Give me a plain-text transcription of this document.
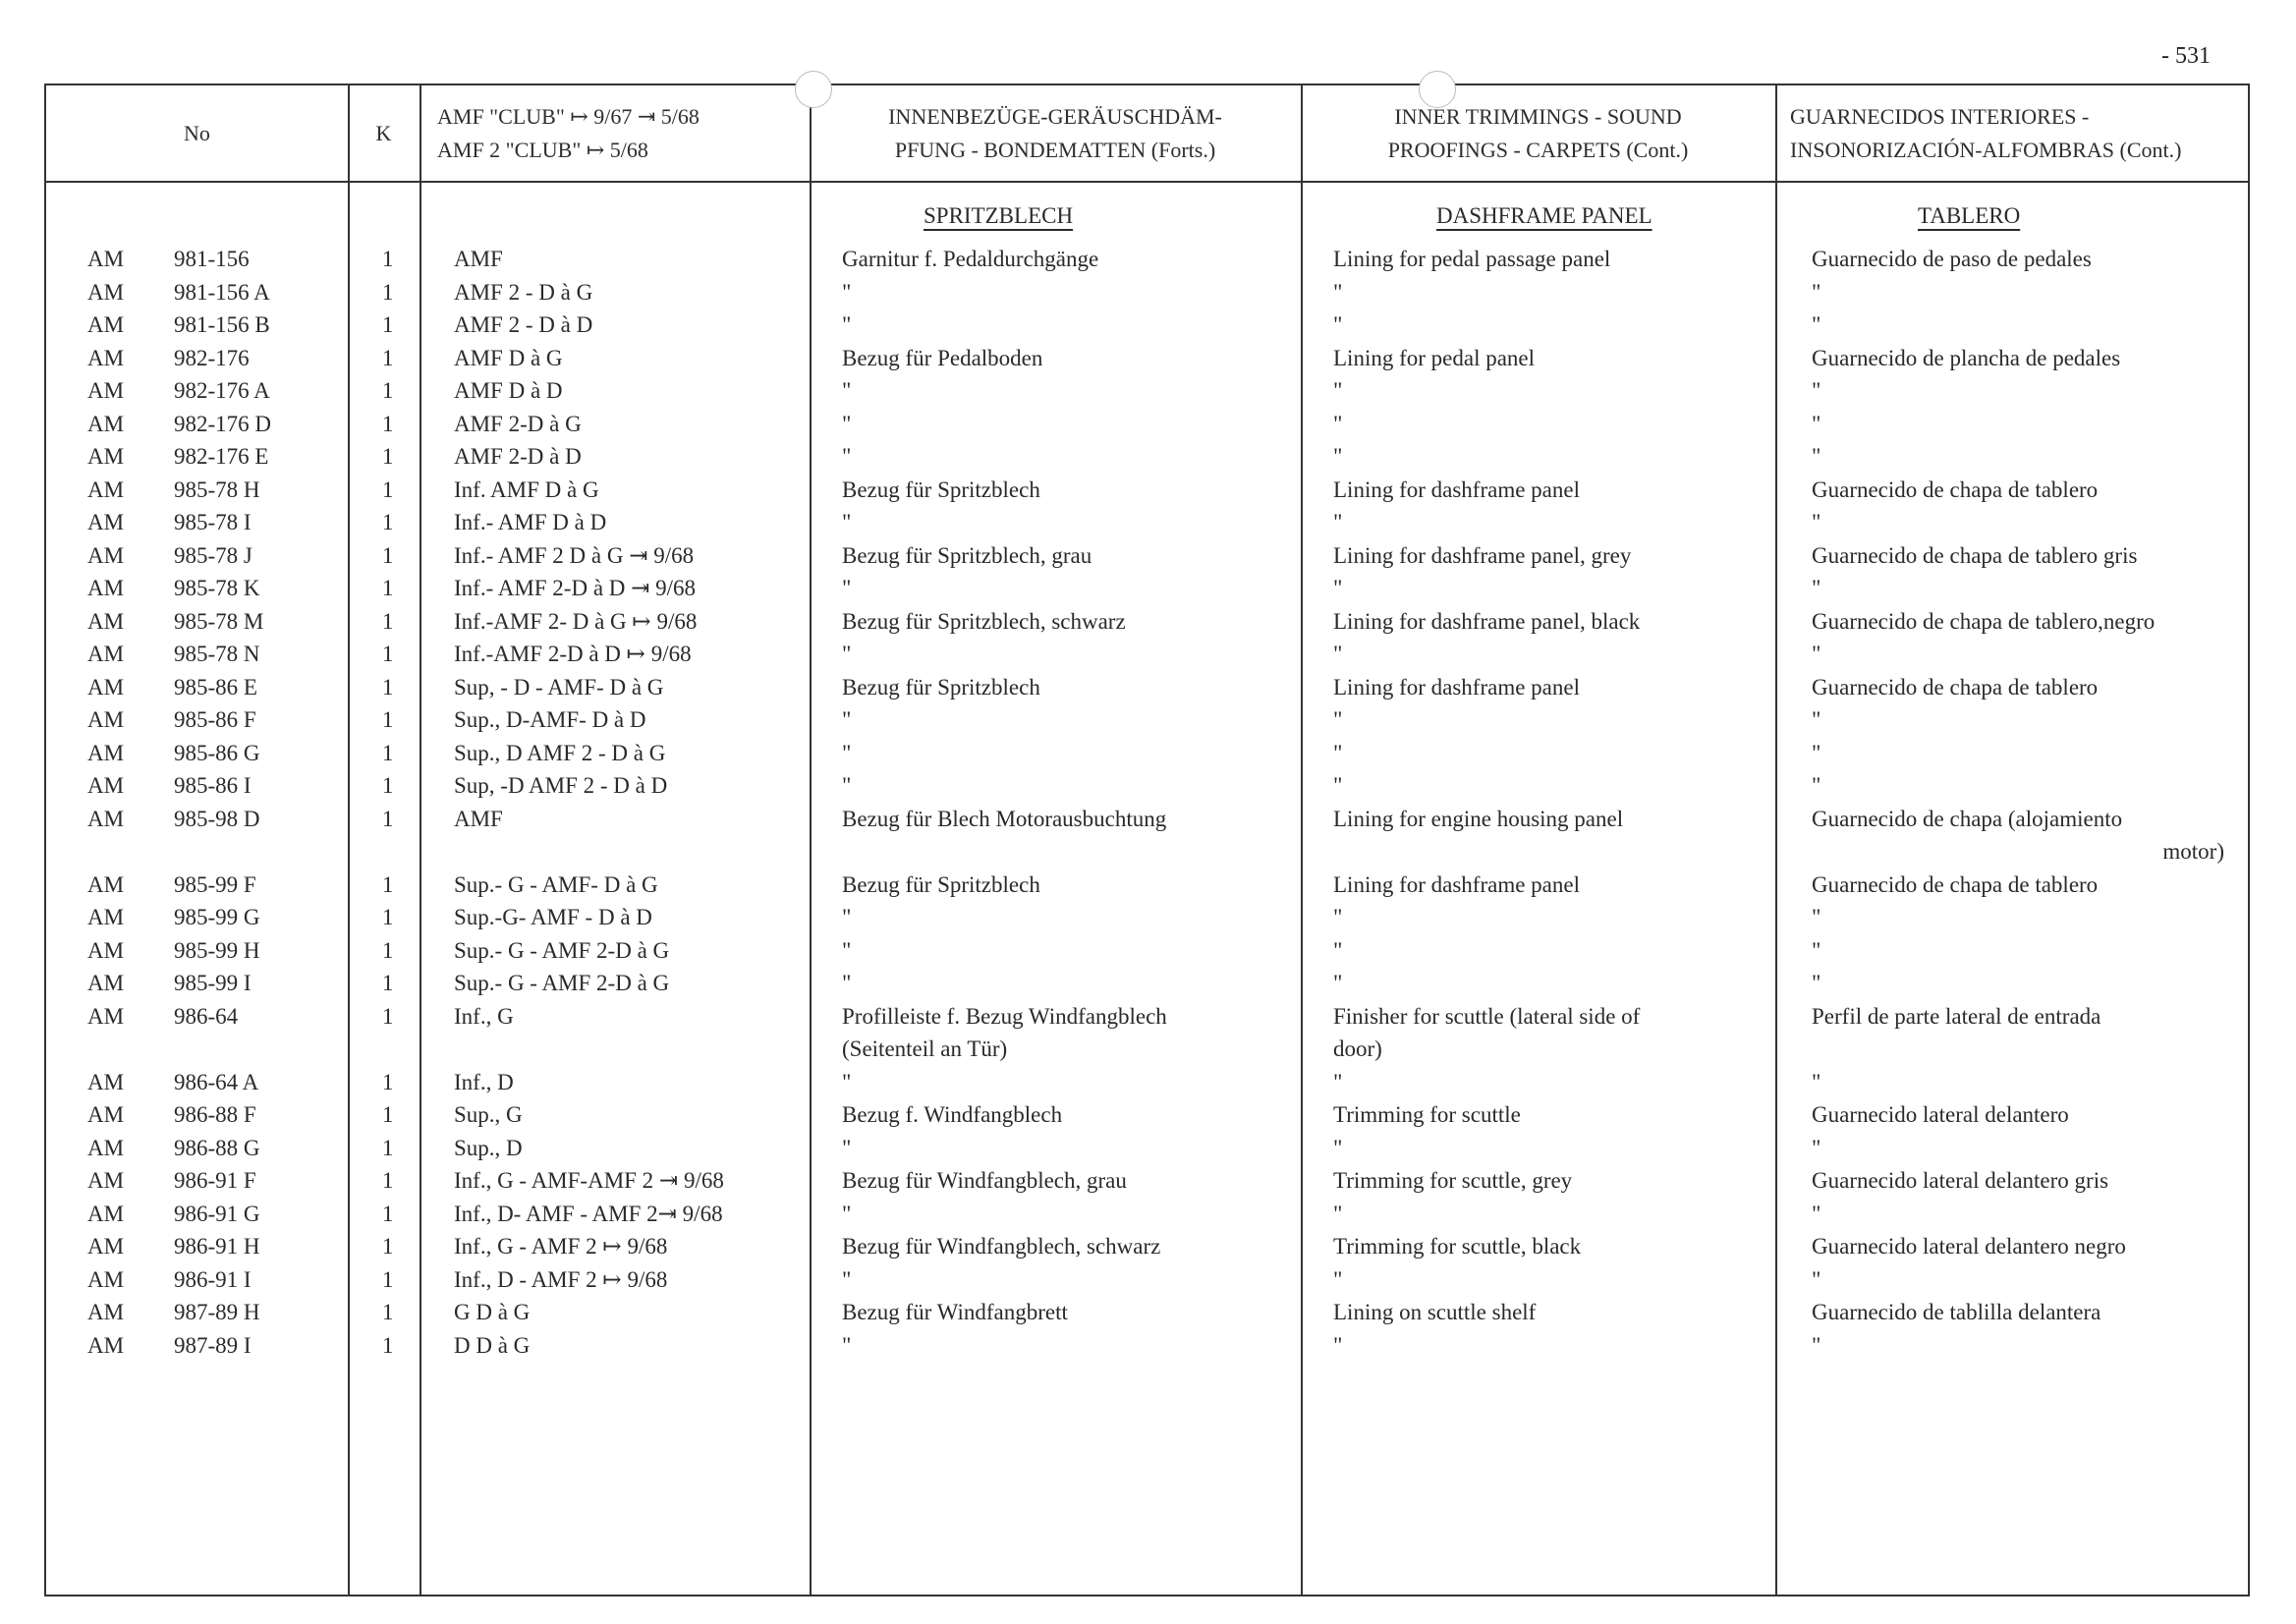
- 531
No	K
AMF "CLUB" ↦ 9/67 ⇥ 5/68
AMF 2 "CLUB" ↦ 5/68
INNENBEZÜGE-GERÄUSCHDÄM-
PFUNG - BONDEMATTEN (Forts.)
INNER TRIMMINGS - SOUND
PROOFINGS - CARPETS (Cont.)
GUARNECIDOS INTERIORES -
INSONORIZACIÓN-ALFOMBRAS (Cont.)
SPRITZBLECH	DASHFRAME PANEL	TABLERO
AM 981-156	1	AMF	Garnitur f. Pedaldurchgänge	Lining for pedal passage panel	Guarnecido de paso de pedales
AM 981-156 A	1	AMF 2 - D à G	"	"	"
AM 981-156 B	1	AMF 2 - D à D	"	"	"
AM 982-176	1	AMF D à G	Bezug für Pedalboden	Lining for pedal panel	Guarnecido de plancha de pedales
AM 982-176 A	1	AMF D à D	"	"	"
AM 982-176 D	1	AMF 2-D à G	"	"	"
AM 982-176 E	1	AMF 2-D à D	"	"	"
AM 985-78 H	1	Inf. AMF D à G	Bezug für Spritzblech	Lining for dashframe panel	Guarnecido de chapa de tablero
AM 985-78 I	1	Inf.- AMF D à D	"	"	"
AM 985-78 J	1	Inf.- AMF 2 D à G ⇥ 9/68	Bezug für Spritzblech, grau	Lining for dashframe panel, grey	Guarnecido de chapa de tablero gris
AM 985-78 K	1	Inf.- AMF 2-D à D ⇥ 9/68	"	"	"
AM 985-78 M	1	Inf.-AMF 2- D à G ↦ 9/68	Bezug für Spritzblech, schwarz	Lining for dashframe panel, black	Guarnecido de chapa de tablero,negro
AM 985-78 N	1	Inf.-AMF 2-D à D ↦ 9/68	"	"	"
AM 985-86 E	1	Sup, - D - AMF- D à G	Bezug für Spritzblech	Lining for dashframe panel	Guarnecido de chapa de tablero
AM 985-86 F	1	Sup., D-AMF- D à D	"	"	"
AM 985-86 G	1	Sup., D AMF 2 - D à G	"	"	"
AM 985-86 I	1	Sup, -D AMF 2 - D à D	"	"	"
AM 985-98 D	1	AMF	Bezug für Blech Motorausbuchtung	Lining for engine housing panel	Guarnecido de chapa (alojamiento
motor)
AM 985-99 F	1	Sup.- G - AMF- D à G	Bezug für Spritzblech	Lining for dashframe panel	Guarnecido de chapa de tablero
AM 985-99 G	1	Sup.-G- AMF - D à D	"	"	"
AM 985-99 H	1	Sup.- G - AMF 2-D à G	"	"	"
AM 985-99 I	1	Sup.- G - AMF 2-D à G	"	"	"
AM 986-64	1	Inf., G	Profilleiste f. Bezug Windfangblech	Finisher for scuttle (lateral side of	Perfil de parte lateral de entrada
(Seitenteil an Tür)	door)
AM 986-64 A	1	Inf., D	"	"	"
AM 986-88 F	1	Sup., G	Bezug f. Windfangblech	Trimming for scuttle	Guarnecido lateral delantero
AM 986-88 G	1	Sup., D	"	"	"
AM 986-91 F	1	Inf., G - AMF-AMF 2 ⇥ 9/68	Bezug für Windfangblech, grau	Trimming for scuttle, grey	Guarnecido lateral delantero gris
AM 986-91 G	1	Inf., D- AMF - AMF 2⇥ 9/68	"	"	"
AM 986-91 H	1	Inf., G - AMF 2 ↦ 9/68	Bezug für Windfangblech, schwarz	Trimming for scuttle, black	Guarnecido lateral delantero negro
AM 986-91 I	1	Inf., D - AMF 2 ↦ 9/68	"	"	"
AM 987-89 H	1	G D à G	Bezug für Windfangbrett	Lining on scuttle shelf	Guarnecido de tablilla delantera
AM 987-89 I	1	D D à G	"	"	"
